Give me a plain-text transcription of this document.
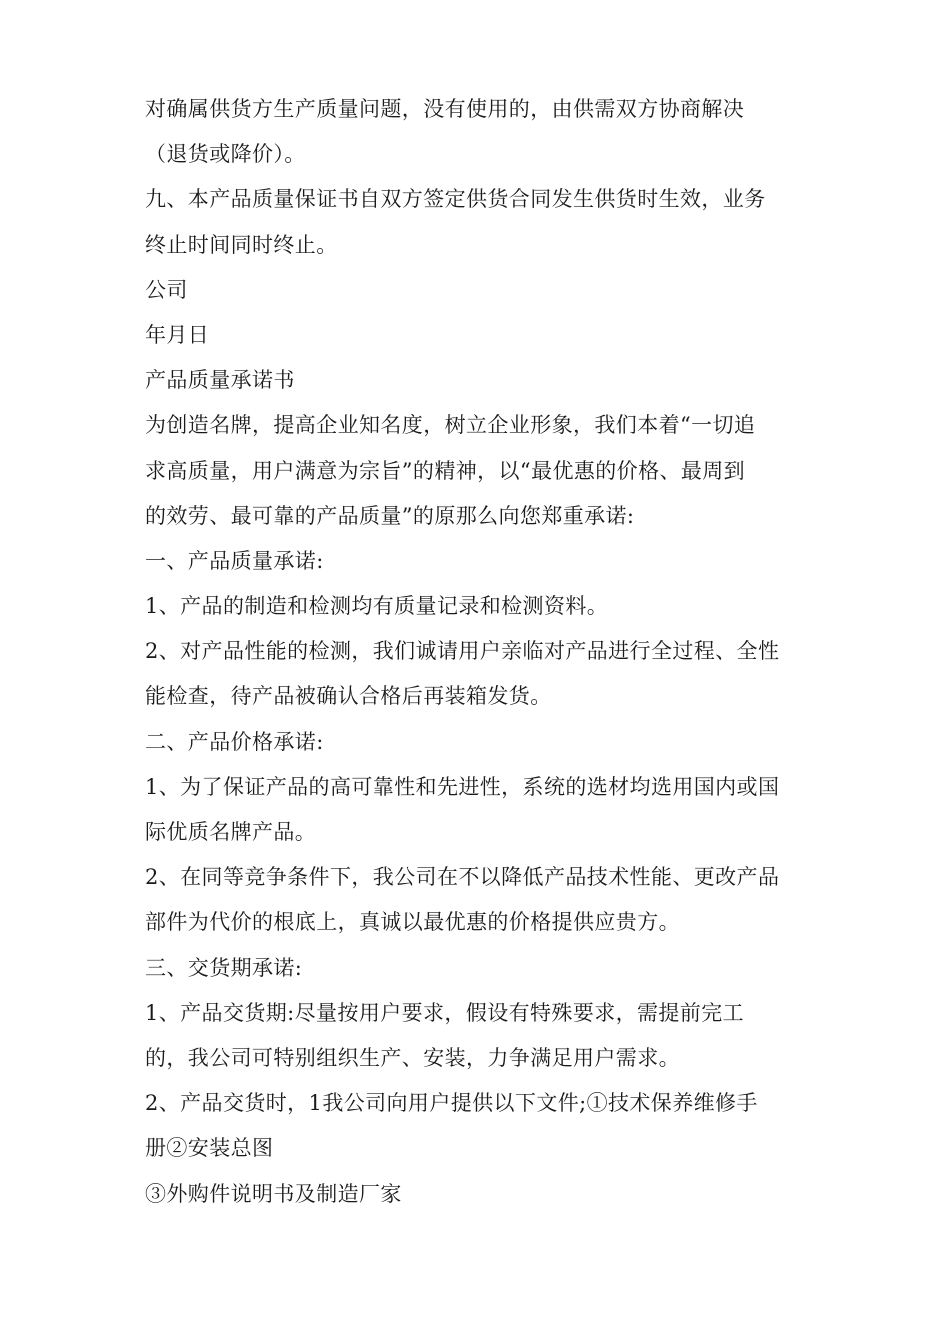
对确属供货方生产质量问题，没有使用的，由供需双方协商解决
（退货或降价）。
九、本产品质量保证书自双方签定供货合同发生供货时生效，业务
终止时间同时终止。
公司
年月日
产品质量承诺书
为创造名牌，提高企业知名度，树立企业形象，我们本着“一切追
求高质量，用户满意为宗旨”的精神，以“最优惠的价格、最周到
的效劳、最可靠的产品质量”的原那么向您郑重承诺:
一、产品质量承诺:
1、产品的制造和检测均有质量记录和检测资料。
2、对产品性能的检测，我们诚请用户亲临对产品进行全过程、全性
能检查，待产品被确认合格后再装箱发货。
二、产品价格承诺:
1、为了保证产品的高可靠性和先进性，系统的选材均选用国内或国
际优质名牌产品。
2、在同等竞争条件下，我公司在不以降低产品技术性能、更改产品
部件为代价的根底上，真诚以最优惠的价格提供应贵方。
三、交货期承诺:
1、产品交货期:尽量按用户要求，假设有特殊要求，需提前完工
的，我公司可特别组织生产、安装，力争满足用户需求。
2、产品交货时，1我公司向用户提供以下文件;①技术保养维修手
册②安装总图
③外购件说明书及制造厂家
